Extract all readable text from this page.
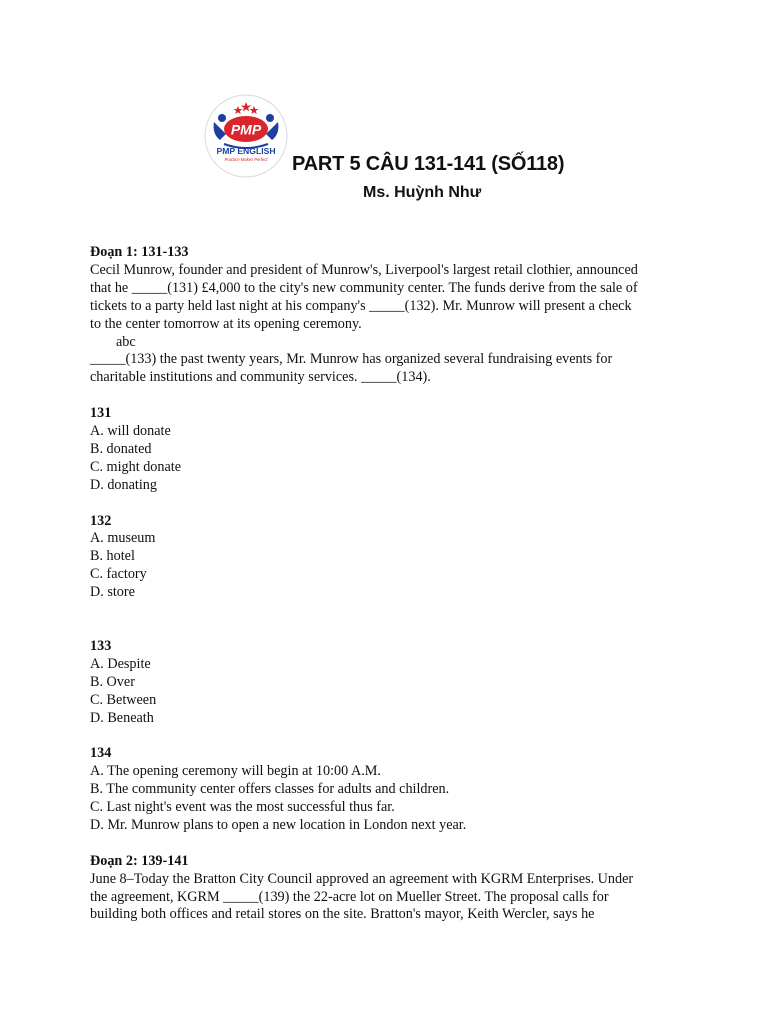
PMP
PMP ENGLISH
Practice Makes Perfect PART 5 CÂU 131-141 (SỐ118)
Ms. Huỳnh Như

Đoạn 1: 131-133

Cecil Munrow, founder and president of Munrow's, Liverpool's largest retail clothier, announced

that he _____(131) £4,000 to the city's new community center. The funds derive from the sale of

tickets to a party held last night at his company's _____(132). Mr. Munrow will present a check

to the center tomorrow at its opening ceremony.

abc

_____(133) the past twenty years, Mr. Munrow has organized several fundraising events for

charitable institutions and community services. _____(134).

131

A. will donate

B. donated

C. might donate

D. donating

132

A. museum

B. hotel

C. factory

D. store

133

A. Despite

B. Over

C. Between

D. Beneath

134

A. The opening ceremony will begin at 10:00 A.M.

B. The community center offers classes for adults and children.

C. Last night's event was the most successful thus far.

D. Mr. Munrow plans to open a new location in London next year.

Đoạn 2: 139-141

June 8–Today the Bratton City Council approved an agreement with KGRM Enterprises. Under

the agreement, KGRM _____(139) the 22-acre lot on Mueller Street. The proposal calls for

building both offices and retail stores on the site. Bratton's mayor, Keith Wercler, says he
